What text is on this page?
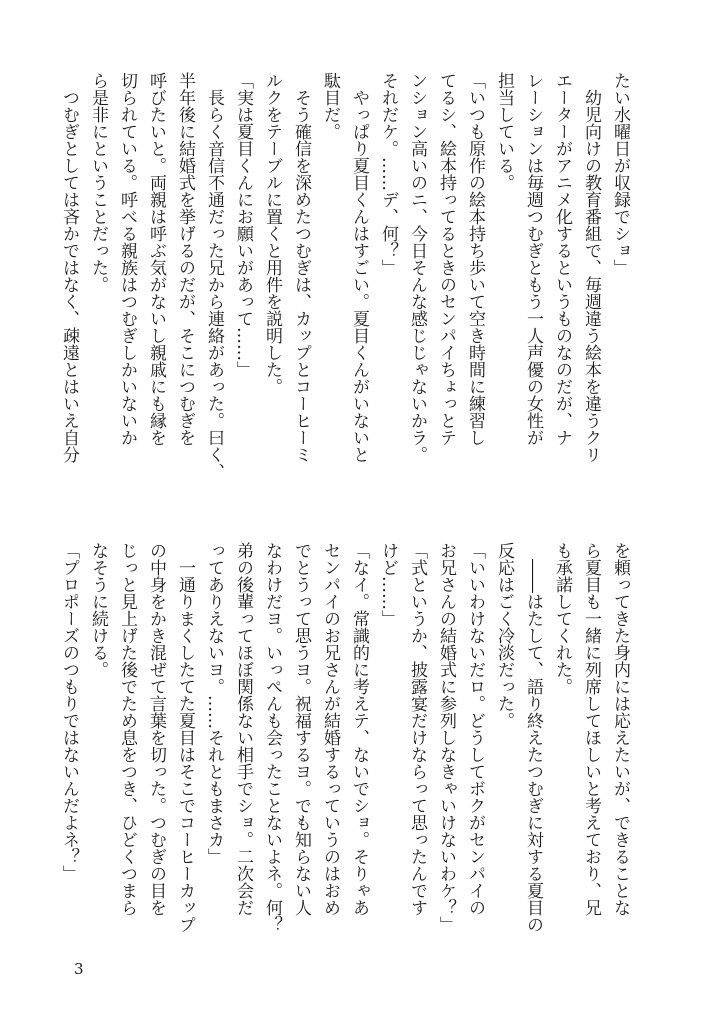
たい水曜日が収録でショ」
　幼児向けの教育番組で、毎週違う絵本を違うクリ
エーターがアニメ化するというものなのだが、ナ
レーションは毎週つむぎともう一人声優の女性が
担当している。
「いつも原作の絵本持ち歩いて空き時間に練習し
てるシ、絵本持ってるときのセンパイちょっとテ
ンション高いのニ、今日そんな感じじゃないかラ。
それだケ。……デ、何？」
　やっぱり夏目くんはすごい。夏目くんがいないと
駄目だ。
　そう確信を深めたつむぎは、カップとコーヒーミ
ルクをテーブルに置くと用件を説明した。
「実は夏目くんにお願いがあって……」
　長らく音信不通だった兄から連絡があった。曰く、
半年後に結婚式を挙げるのだが、そこにつむぎを
呼びたいと。両親は呼ぶ気がないし親戚にも縁を
切られている。呼べる親族はつむぎしかいないか
ら是非にということだった。
　つむぎとしては吝かではなく、疎遠とはいえ自分
を頼ってきた身内には応えたいが、できることな
ら夏目も一緒に列席してほしいと考えており、兄
も承諾してくれた。
　――はたして、語り終えたつむぎに対する夏目の
反応はごく冷淡だった。
「いいわけないだロ。どうしてボクがセンパイの
お兄さんの結婚式に参列しなきゃいけないわケ？」
「式というか、披露宴だけならって思ったんです
けど……」
「なイ。常識的に考えテ、ないでショ。そりゃあ
センパイのお兄さんが結婚するっていうのはおめ
でとうって思うヨ。祝福するヨ。でも知らない人
なわけだヨ。いっぺんも会ったことないよネ。何？
弟の後輩ってほぼ関係ない相手でショ。二次会だ
ってありえないヨ。……それともまさカ」
　一通りまくしたてた夏目はそこでコーヒーカップ
の中身をかき混ぜて言葉を切った。つむぎの目を
じっと見上げた後でため息をつき、ひどくつまら
なそうに続ける。
「プロポーズのつもりではないんだよネ？」
3
